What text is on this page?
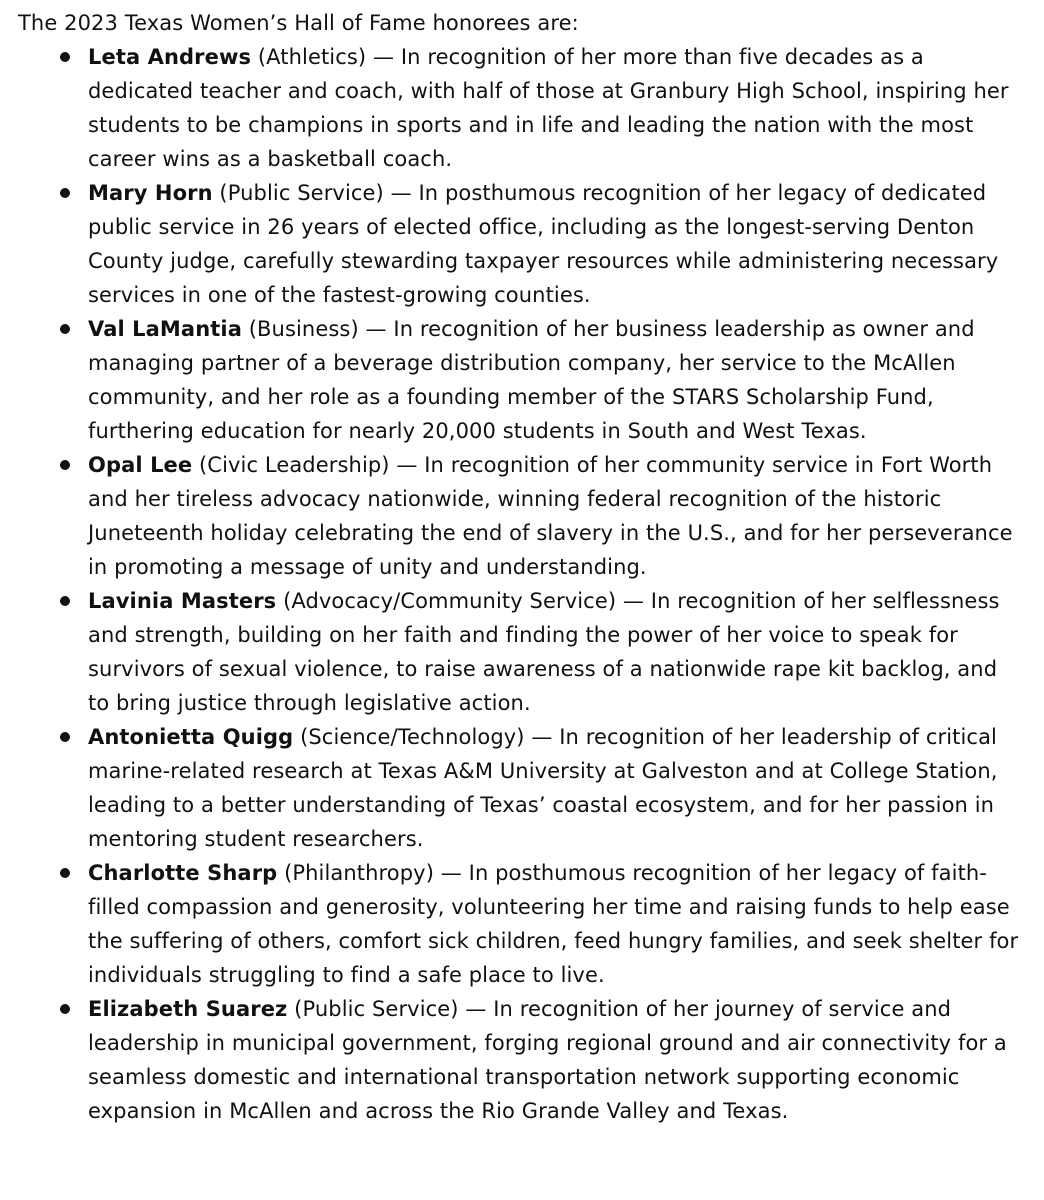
The 2023 Texas Women’s Hall of Fame honorees are:

Leta Andrews (Athletics) — In recognition of her more than five decades as a dedicated teacher and coach, with half of those at Granbury High School, inspiring her students to be champions in sports and in life and leading the nation with the most career wins as a basketball coach.
Mary Horn (Public Service) — In posthumous recognition of her legacy of dedicated public service in 26 years of elected office, including as the longest-serving Denton County judge, carefully stewarding taxpayer resources while administering necessary services in one of the fastest-growing counties.
Val LaMantia (Business) — In recognition of her business leadership as owner and managing partner of a beverage distribution company, her service to the McAllen community, and her role as a founding member of the STARS Scholarship Fund, furthering education for nearly 20,000 students in South and West Texas.
Opal Lee (Civic Leadership) — In recognition of her community service in Fort Worth and her tireless advocacy nationwide, winning federal recognition of the historic Juneteenth holiday celebrating the end of slavery in the U.S., and for her perseverance in promoting a message of unity and understanding.
Lavinia Masters (Advocacy/Community Service) — In recognition of her selflessness and strength, building on her faith and finding the power of her voice to speak for survivors of sexual violence, to raise awareness of a nationwide rape kit backlog, and to bring justice through legislative action.
Antonietta Quigg (Science/Technology) — In recognition of her leadership of critical marine-related research at Texas A&M University at Galveston and at College Station, leading to a better understanding of Texas’ coastal ecosystem, and for her passion in mentoring student researchers.
Charlotte Sharp (Philanthropy) — In posthumous recognition of her legacy of faith-filled compassion and generosity, volunteering her time and raising funds to help ease the suffering of others, comfort sick children, feed hungry families, and seek shelter for individuals struggling to find a safe place to live.
Elizabeth Suarez (Public Service) — In recognition of her journey of service and leadership in municipal government, forging regional ground and air connectivity for a seamless domestic and international transportation network supporting economic expansion in McAllen and across the Rio Grande Valley and Texas.
